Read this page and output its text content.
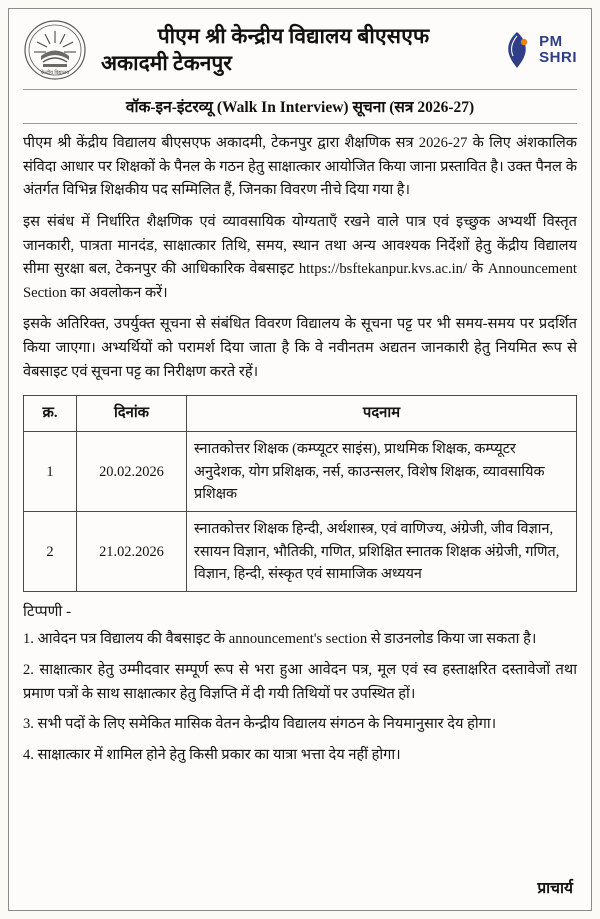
केन्द्रीय विद्यालय
पीएम श्री केन्द्रीय विद्यालय बीएसएफ
अकादमी टेकनपुर
PM
SHRI
वॉक-इन-इंटरव्यू (Walk In Interview) सूचना (सत्र 2026-27)

पीएम श्री केंद्रीय विद्यालय बीएसएफ अकादमी, टेकनपुर द्वारा शैक्षणिक सत्र 2026-27 के लिए अंशकालिक संविदा आधार पर शिक्षकों के पैनल के गठन हेतु साक्षात्कार आयोजित किया जाना प्रस्तावित है। उक्त पैनल के अंतर्गत विभिन्न शिक्षकीय पद सम्मिलित हैं, जिनका विवरण नीचे दिया गया है।

इस संबंध में निर्धारित शैक्षणिक एवं व्यावसायिक योग्यताएँ रखने वाले पात्र एवं इच्छुक अभ्यर्थी विस्तृत जानकारी, पात्रता मानदंड, साक्षात्कार तिथि, समय, स्थान तथा अन्य आवश्यक निर्देशों हेतु केंद्रीय विद्यालय सीमा सुरक्षा बल, टेकनपुर की आधिकारिक वेबसाइट https://bsftekanpur.kvs.ac.in/ के Announcement Section का अवलोकन करें।

इसके अतिरिक्त, उपर्युक्त सूचना से संबंधित विवरण विद्यालय के सूचना पट्ट पर भी समय-समय पर प्रदर्शित किया जाएगा। अभ्यर्थियों को परामर्श दिया जाता है कि वे नवीनतम अद्यतन जानकारी हेतु नियमित रूप से वेबसाइट एवं सूचना पट्ट का निरीक्षण करते रहें।

क्र.	दिनांक	पदनाम
1	20.02.2026	स्नातकोत्तर शिक्षक (कम्प्यूटर साइंस), प्राथमिक शिक्षक, कम्प्यूटर अनुदेशक, योग प्रशिक्षक, नर्स, काउन्सलर, विशेष शिक्षक, व्यावसायिक प्रशिक्षक
2	21.02.2026	स्नातकोत्तर शिक्षक हिन्दी, अर्थशास्त्र, एवं वाणिज्य, अंग्रेजी, जीव विज्ञान, रसायन विज्ञान, भौतिकी, गणित, प्रशिक्षित स्नातक शिक्षक अंग्रेजी, गणित, विज्ञान, हिन्दी, संस्कृत एवं सामाजिक अध्ययन
टिप्पणी -

1. आवेदन पत्र विद्यालय की वैबसाइट के announcement's section से डाउनलोड किया जा सकता है।

2. साक्षात्कार हेतु उम्मीदवार सम्पूर्ण रूप से भरा हुआ आवेदन पत्र, मूल एवं स्व हस्ताक्षरित दस्तावेजों तथा प्रमाण पत्रों के साथ साक्षात्कार हेतु विज्ञप्ति में दी गयी तिथियों पर उपस्थित हों।

3. सभी पदों के लिए समेकित मासिक वेतन केन्द्रीय विद्यालय संगठन के नियमानुसार देय होगा।

4. साक्षात्कार में शामिल होने हेतु किसी प्रकार का यात्रा भत्ता देय नहीं होगा।

प्राचार्य
